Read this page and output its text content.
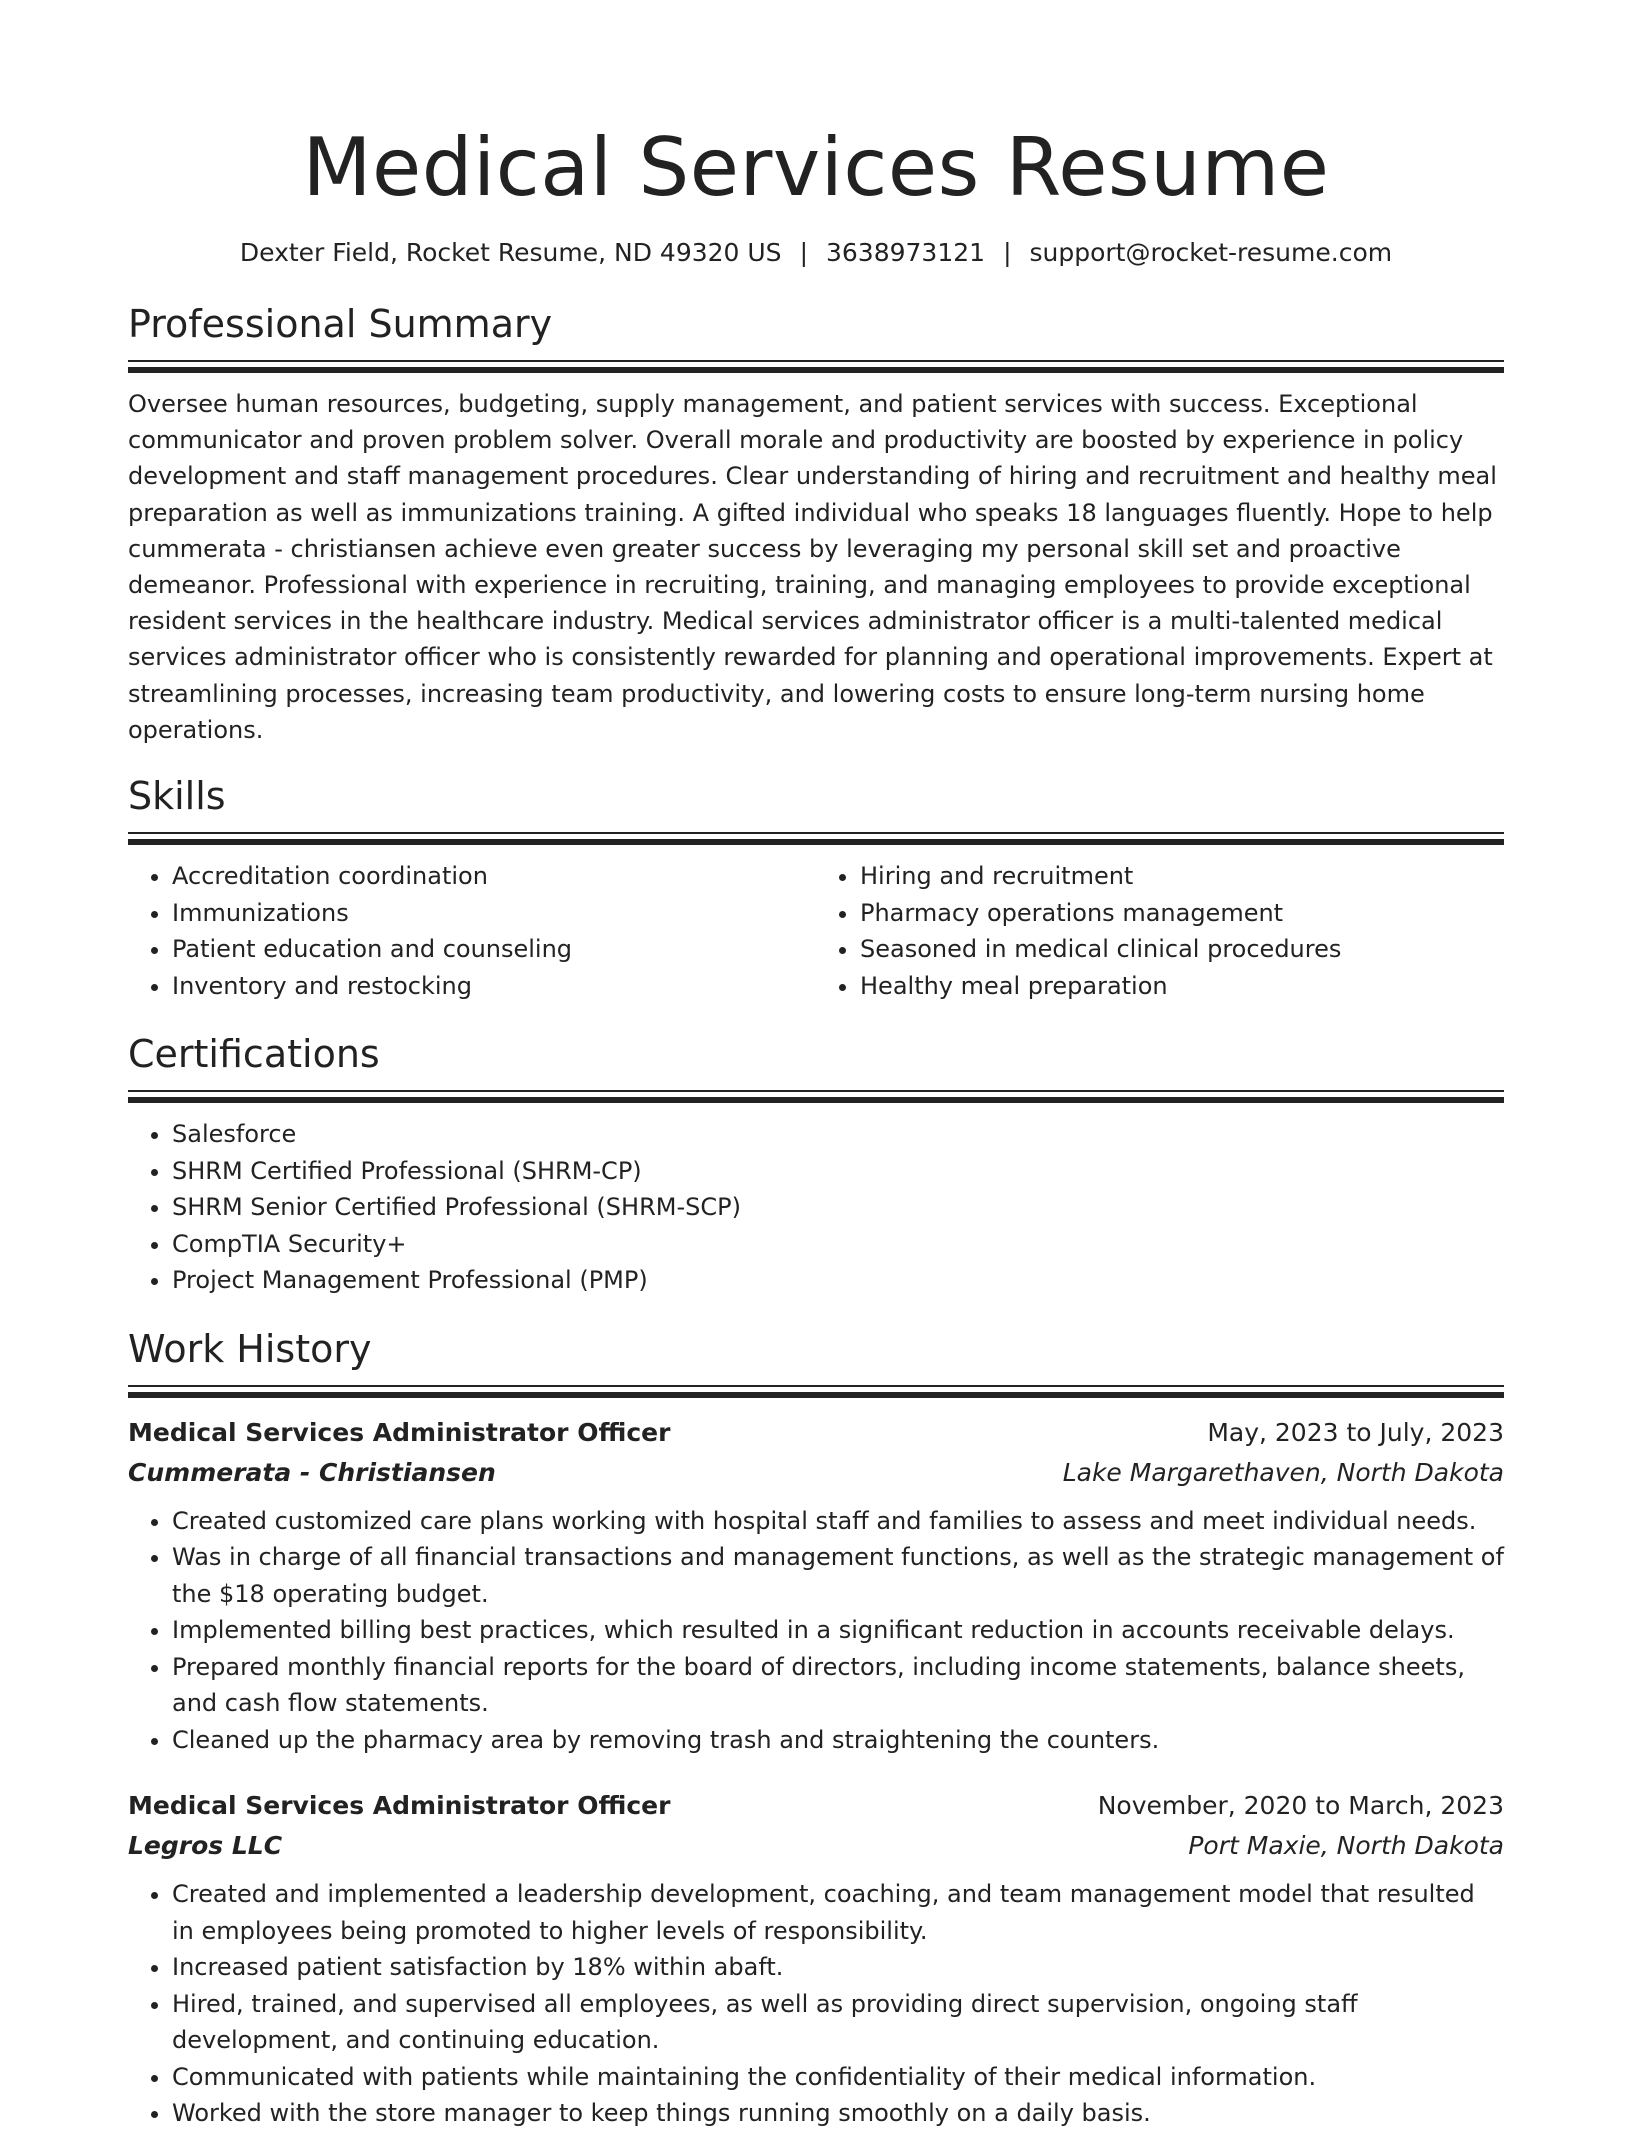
Medical Services Resume
Dexter Field, Rocket Resume, ND 49320 US | 3638973121 | support@rocket-resume.com
Professional Summary

Oversee human resources, budgeting, supply management, and patient services with success. Exceptional communicator and proven problem solver. Overall morale and productivity are boosted by experience in policy development and staff management procedures. Clear understanding of hiring and recruitment and healthy meal preparation as well as immunizations training. A gifted individual who speaks 18 languages fluently. Hope to help cummerata - christiansen achieve even greater success by leveraging my personal skill set and proactive demeanor. Professional with experience in recruiting, training, and managing employees to provide exceptional resident services in the healthcare industry. Medical services administrator officer is a multi-talented medical services administrator officer who is consistently rewarded for planning and operational improvements. Expert at streamlining processes, increasing team productivity, and lowering costs to ensure long-term nursing home operations.

Skills
• Accreditation coordination
• Immunizations
• Patient education and counseling
• Inventory and restocking
• Hiring and recruitment
• Pharmacy operations management
• Seasoned in medical clinical procedures
• Healthy meal preparation
Certifications
• Salesforce
• SHRM Certified Professional (SHRM-CP)
• SHRM Senior Certified Professional (SHRM-SCP)
• CompTIA Security+
• Project Management Professional (PMP)
Work History
Medical Services Administrator Officer	May, 2023 to July, 2023
Cummerata - Christiansen	Lake Margarethaven, North Dakota
• Created customized care plans working with hospital staff and families to assess and meet individual needs.
• Was in charge of all financial transactions and management functions, as well as the strategic management of the $18 operating budget.
• Implemented billing best practices, which resulted in a significant reduction in accounts receivable delays.
• Prepared monthly financial reports for the board of directors, including income statements, balance sheets, and cash flow statements.
• Cleaned up the pharmacy area by removing trash and straightening the counters.
Medical Services Administrator Officer	November, 2020 to March, 2023
Legros LLC	Port Maxie, North Dakota
• Created and implemented a leadership development, coaching, and team management model that resulted in employees being promoted to higher levels of responsibility.
• Increased patient satisfaction by 18% within abaft.
• Hired, trained, and supervised all employees, as well as providing direct supervision, ongoing staff development, and continuing education.
• Communicated with patients while maintaining the confidentiality of their medical information.
• Worked with the store manager to keep things running smoothly on a daily basis.
